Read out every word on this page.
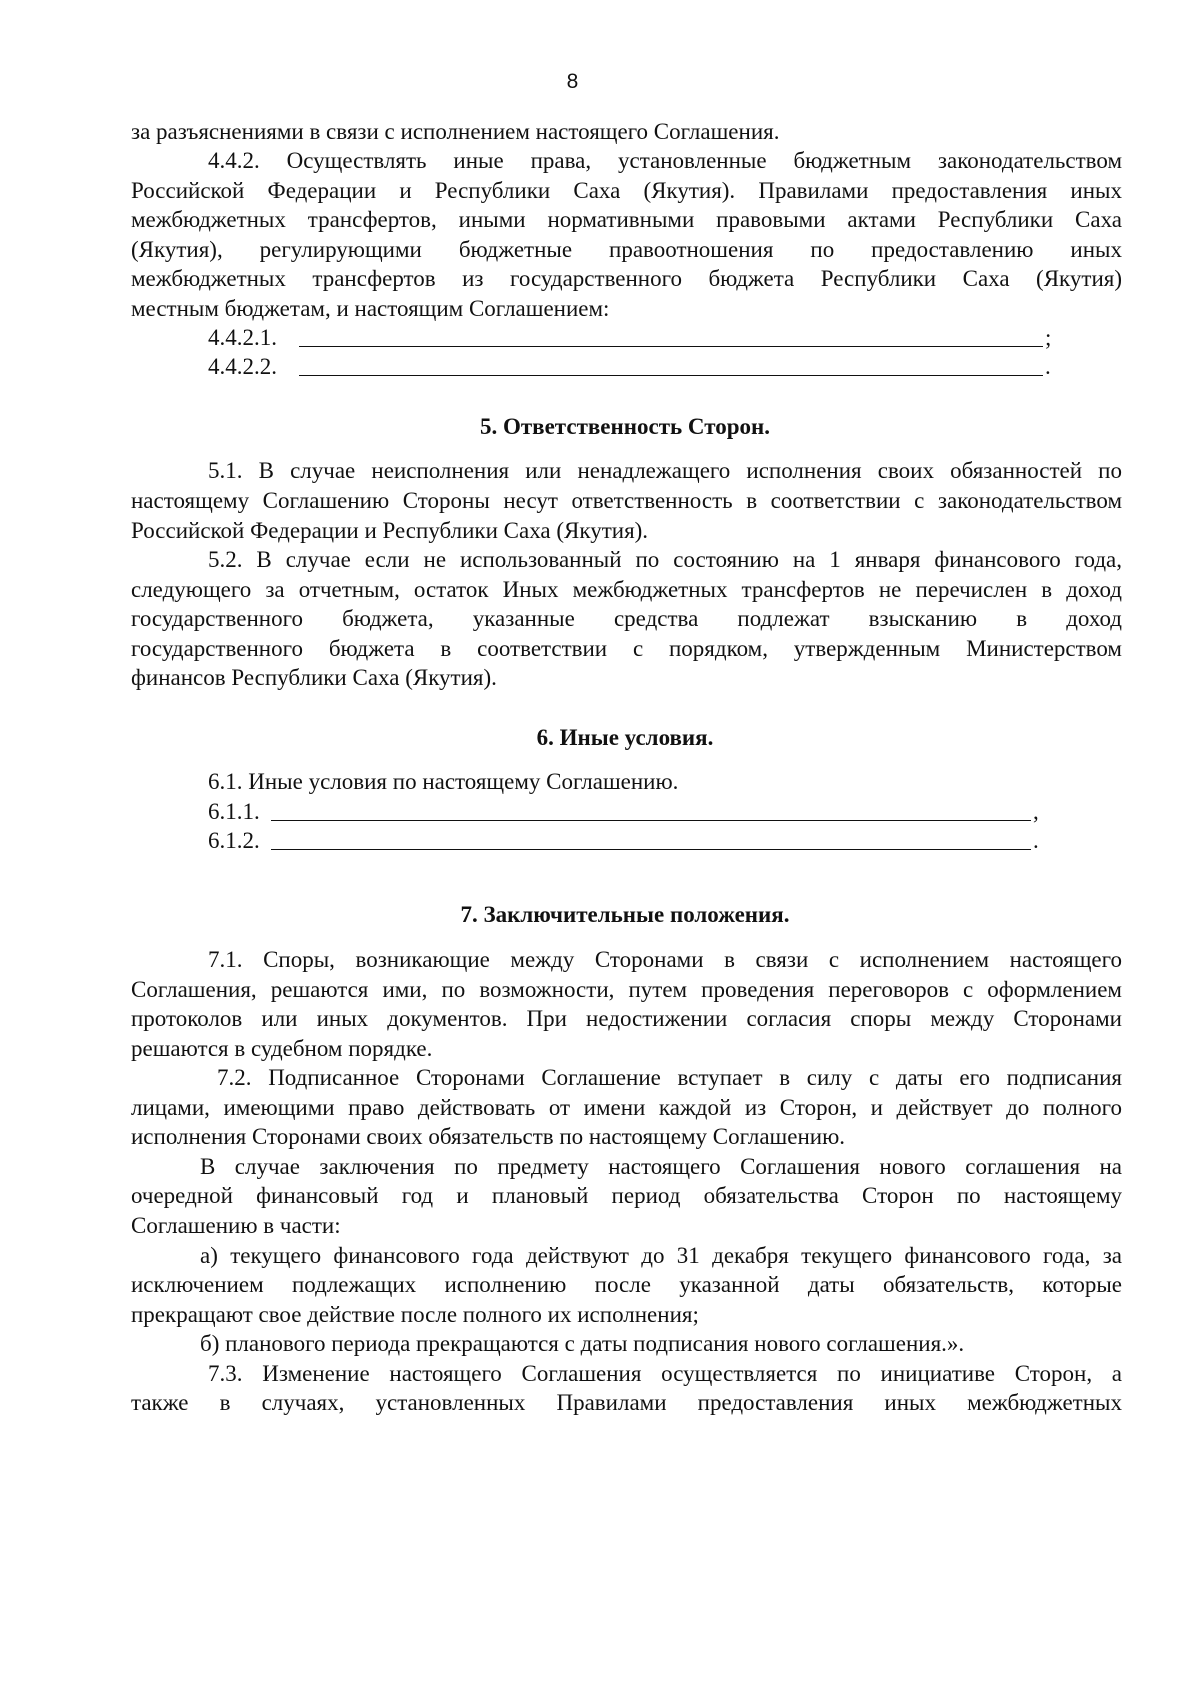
8
за разъяснениями в связи с исполнением настоящего Соглашения.
4.4.2. Осуществлять иные права, установленные бюджетным законодательством
Российской Федерации и Республики Саха (Якутия). Правилами предоставления иных
межбюджетных трансфертов, иными нормативными правовыми актами Республики Саха
(Якутия), регулирующими бюджетные правоотношения по предоставлению иных
межбюджетных трансфертов из государственного бюджета Республики Саха (Якутия)
местным бюджетам, и настоящим Соглашением:
4.4.2.1.	;
4.4.2.2.	.
5. Ответственность Сторон.
5.1. В случае неисполнения или ненадлежащего исполнения своих обязанностей по
настоящему Соглашению Стороны несут ответственность в соответствии с законодательством
Российской Федерации и Республики Саха (Якутия).
5.2. В случае если не использованный по состоянию на 1 января финансового года,
следующего за отчетным, остаток Иных межбюджетных трансфертов не перечислен в доход
государственного бюджета, указанные средства подлежат взысканию в доход
государственного бюджета в соответствии с порядком, утвержденным Министерством
финансов Республики Саха (Якутия).
6. Иные условия.
6.1. Иные условия по настоящему Соглашению.
6.1.1.	,
6.1.2.	.
7. Заключительные положения.
7.1. Споры, возникающие между Сторонами в связи с исполнением настоящего
Соглашения, решаются ими, по возможности, путем проведения переговоров с оформлением
протоколов или иных документов. При недостижении согласия споры между Сторонами
решаются в судебном порядке.
7.2. Подписанное Сторонами Соглашение вступает в силу с даты его подписания
лицами, имеющими право действовать от имени каждой из Сторон, и действует до полного
исполнения Сторонами своих обязательств по настоящему Соглашению.
В случае заключения по предмету настоящего Соглашения нового соглашения на
очередной финансовый год и плановый период обязательства Сторон по настоящему
Соглашению в части:
а) текущего финансового года действуют до 31 декабря текущего финансового года, за
исключением подлежащих исполнению после указанной даты обязательств, которые
прекращают свое действие после полного их исполнения;
б) планового периода прекращаются с даты подписания нового соглашения.».
7.3. Изменение настоящего Соглашения осуществляется по инициативе Сторон, а
также в случаях, установленных Правилами предоставления иных межбюджетных
